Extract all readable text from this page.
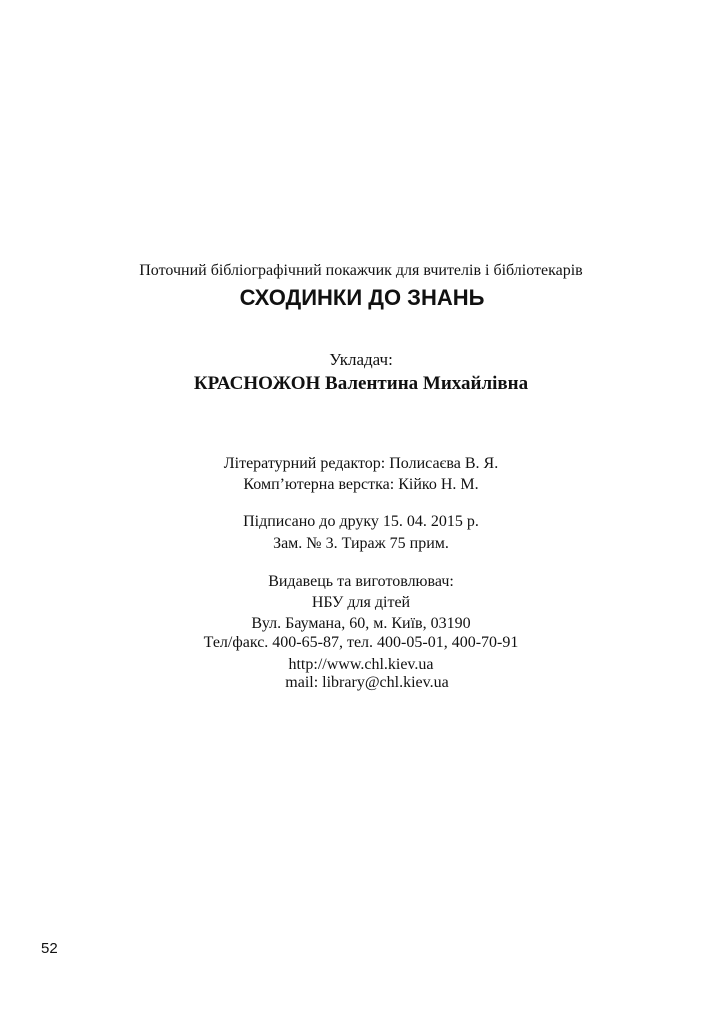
Поточний бібліографічний покажчик для вчителів і бібліотекарів
СХОДИНКИ ДО ЗНАНЬ
Укладач:
КРАСНОЖОН Валентина Михайлівна
Літературний редактор: Полисаєва В. Я.
Комп’ютерна верстка: Кійко Н. М.
Підписано до друку 15. 04. 2015 р.
Зам. № 3. Тираж 75 прим.
Видавець та виготовлювач:
НБУ для дітей
Вул. Баумана, 60, м. Київ, 03190
Тел/факс. 400-65-87, тел. 400-05-01, 400-70-91
http://www.chl.kiev.ua
mail: library@chl.kiev.ua
52
